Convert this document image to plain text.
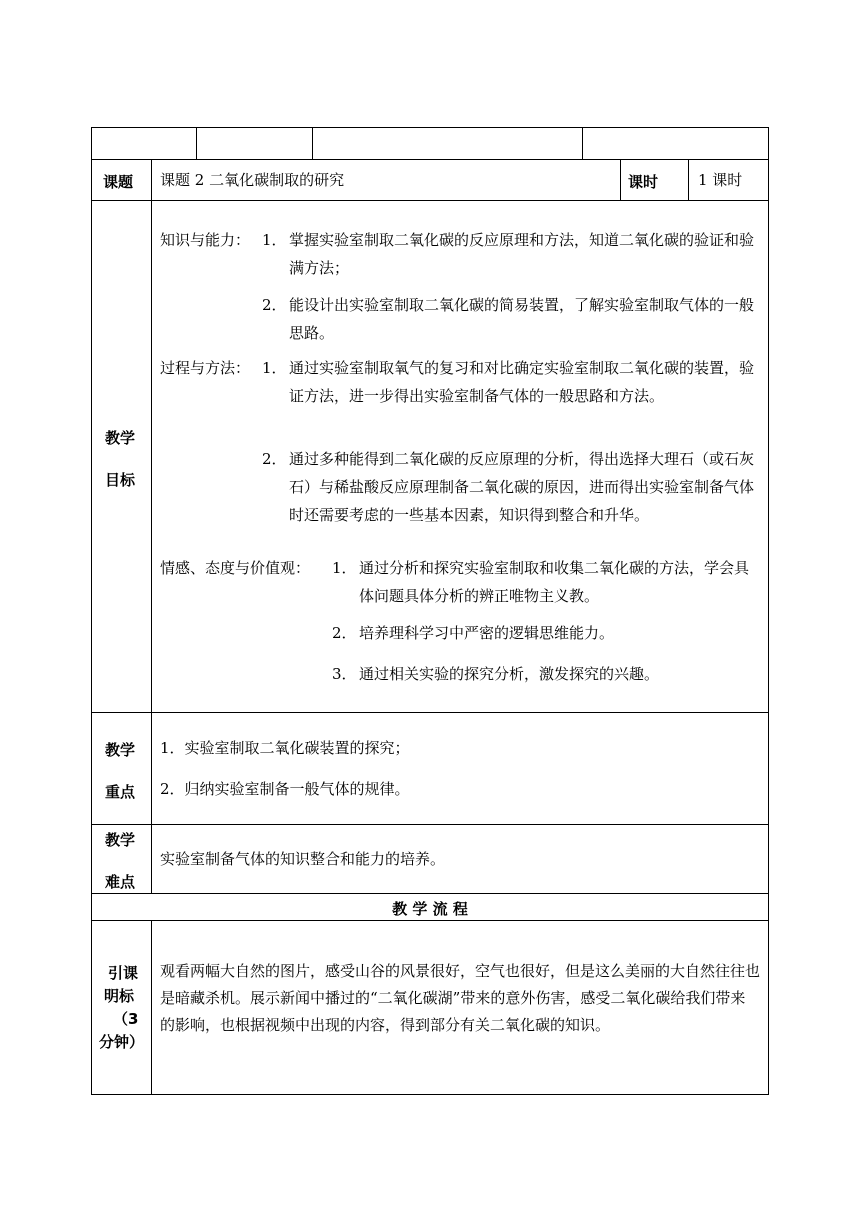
课题 课题 2 二氧化碳制取的研究	课时	1 课时
教学
目标
知识与能力： 1． 掌握实验室制取二氧化碳的反应原理和方法，知道二氧化碳的验证和验满方法；
2． 能设计出实验室制取二氧化碳的简易装置，了解实验室制取气体的一般思路。
过程与方法： 1． 通过实验室制取氧气的复习和对比确定实验室制取二氧化碳的装置，验证方法，进一步得出实验室制备气体的一般思路和方法。
2． 通过多种能得到二氧化碳的反应原理的分析，得出选择大理石（或石灰石）与稀盐酸反应原理制备二氧化碳的原因，进而得出实验室制备气体时还需要考虑的一些基本因素，知识得到整合和升华。
情感、态度与价值观： 1． 通过分析和探究实验室制取和收集二氧化碳的方法，学会具体问题具体分析的辨正唯物主义教。
2． 培养理科学习中严密的逻辑思维能力。
3． 通过相关实验的探究分析，激发探究的兴趣。
教学
重点
1．实验室制取二氧化碳装置的探究；
2．归纳实验室制备一般气体的规律。
教学
难点
实验室制备气体的知识整合和能力的培养。
教 学 流 程
引课
明标
（3
分钟）
观看两幅大自然的图片，感受山谷的风景很好，空气也很好，但是这么美丽的大自然往往也是暗藏杀机。展示新闻中播过的“二氧化碳湖”带来的意外伤害，感受二氧化碳给我们带来的影响，也根据视频中出现的内容，得到部分有关二氧化碳的知识。
